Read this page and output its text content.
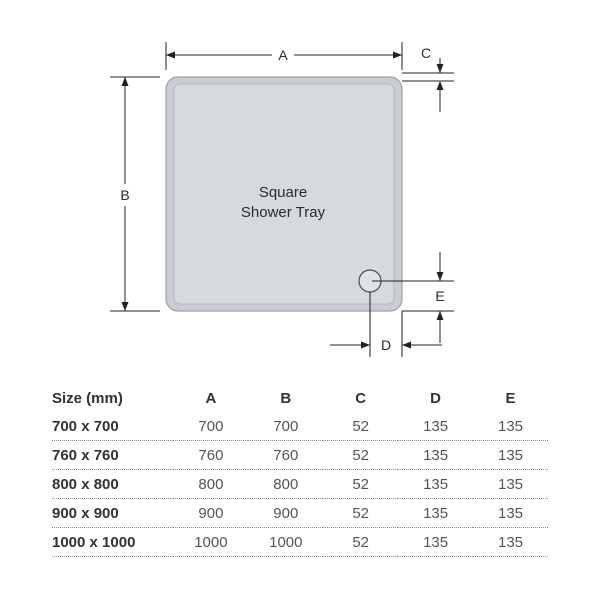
Square
Shower Tray
A
B
C
E
D
Size (mm)	A	B	C	D	E
700 x 700	700	700	52	135	135
760 x 760	760	760	52	135	135
800 x 800	800	800	52	135	135
900 x 900	900	900	52	135	135
1000 x 1000	1000	1000	52	135	135
